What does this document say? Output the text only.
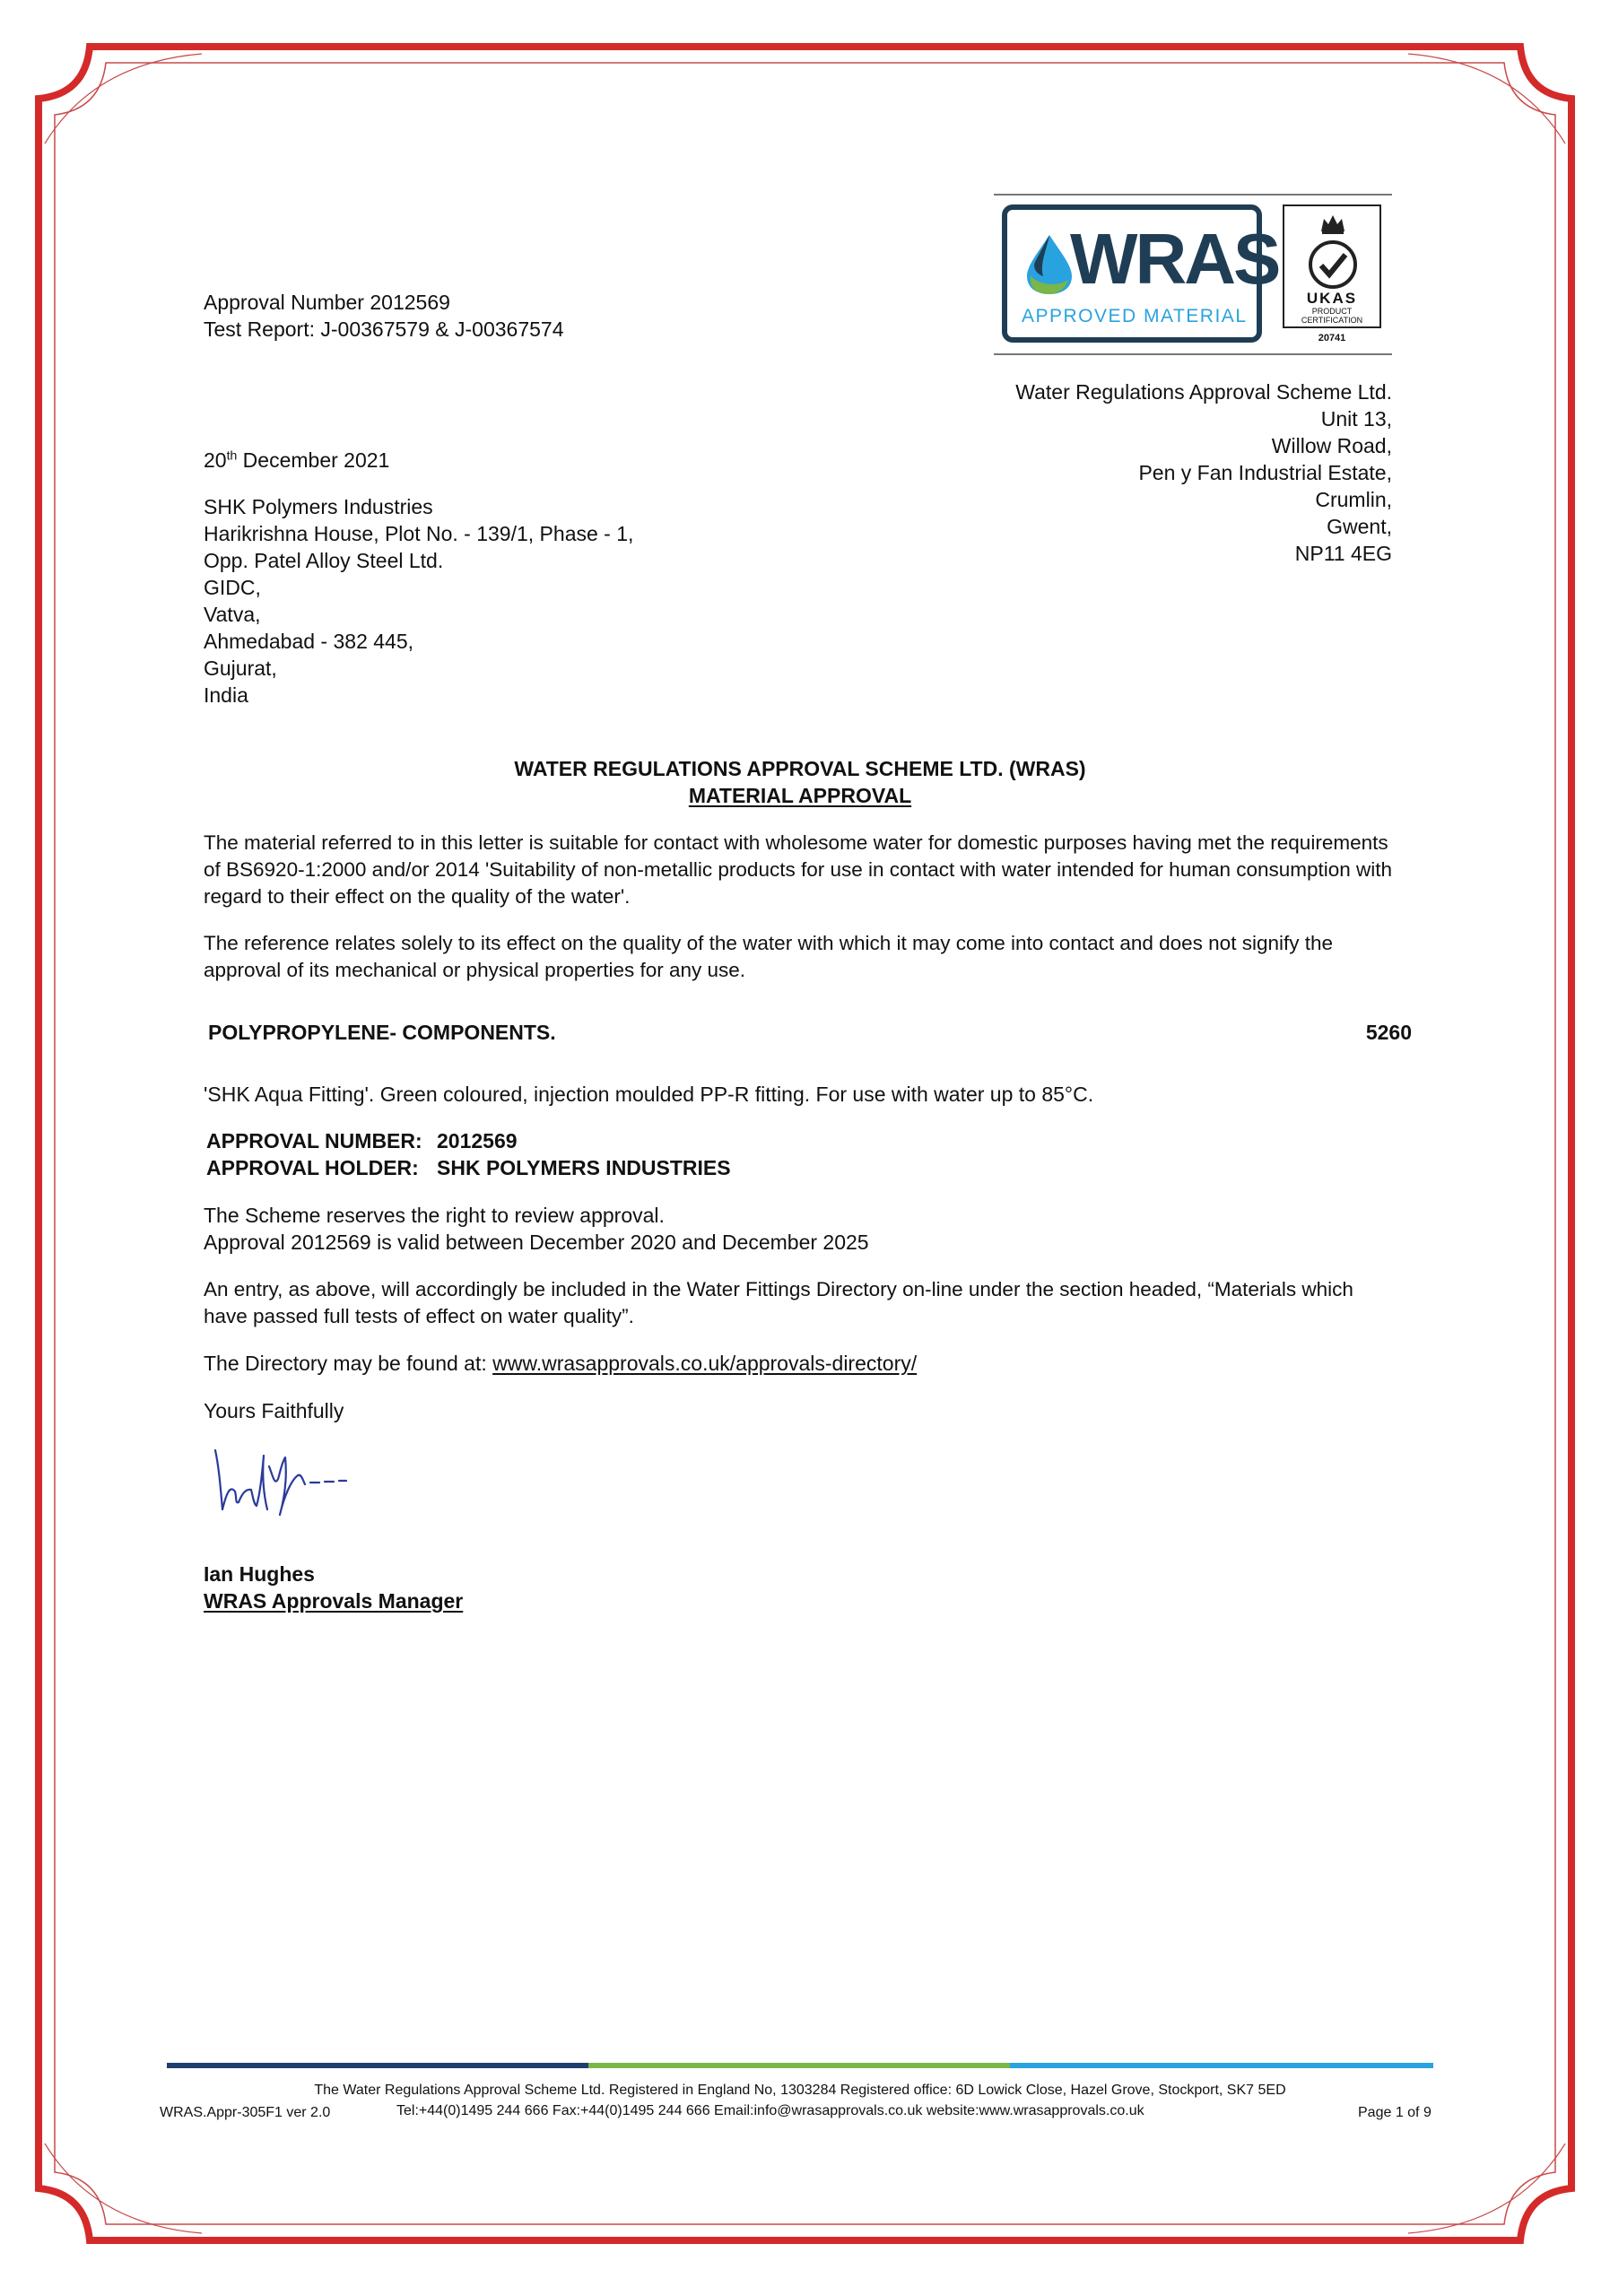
WRAS
APPROVED MATERIAL
UKAS
PRODUCT
CERTIFICATION
20741
Approval Number 2012569
Test Report: J-00367579 & J-00367574
Water Regulations Approval Scheme Ltd.
Unit 13,
Willow Road,
Pen y Fan Industrial Estate,
Crumlin,
Gwent,
NP11 4EG
20th December 2021
SHK Polymers Industries
Harikrishna House, Plot No. - 139/1, Phase - 1,
Opp. Patel Alloy Steel Ltd.
GIDC,
Vatva,
Ahmedabad - 382 445,
Gujurat,
India
WATER REGULATIONS APPROVAL SCHEME LTD. (WRAS)
MATERIAL APPROVAL
The material referred to in this letter is suitable for contact with wholesome water for domestic purposes having met the requirements of BS6920-1:2000 and/or 2014 'Suitability of non-metallic products for use in contact with water intended for human consumption with regard to their effect on the quality of the water'.
The reference relates solely to its effect on the quality of the water with which it may come into contact and does not signify the approval of its mechanical or physical properties for any use.
POLYPROPYLENE- COMPONENTS.	5260
'SHK Aqua Fitting'. Green coloured, injection moulded PP-R fitting. For use with water up to 85°C.
APPROVAL NUMBER: 2012569
APPROVAL HOLDER: SHK POLYMERS INDUSTRIES
The Scheme reserves the right to review approval.
Approval 2012569 is valid between December 2020 and December 2025
An entry, as above, will accordingly be included in the Water Fittings Directory on-line under the section headed, “Materials which have passed full tests of effect on water quality”.
The Directory may be found at: www.wrasapprovals.co.uk/approvals-directory/
Yours Faithfully
Ian Hughes
WRAS Approvals Manager
The Water Regulations Approval Scheme Ltd. Registered in England No, 1303284 Registered office: 6D Lowick Close, Hazel Grove, Stockport, SK7 5ED
WRAS.Appr-305F1 ver 2.0	Tel:+44(0)1495 244 666 Fax:+44(0)1495 244 666 Email:info@wrasapprovals.co.uk website:www.wrasapprovals.co.uk	Page 1 of 9
